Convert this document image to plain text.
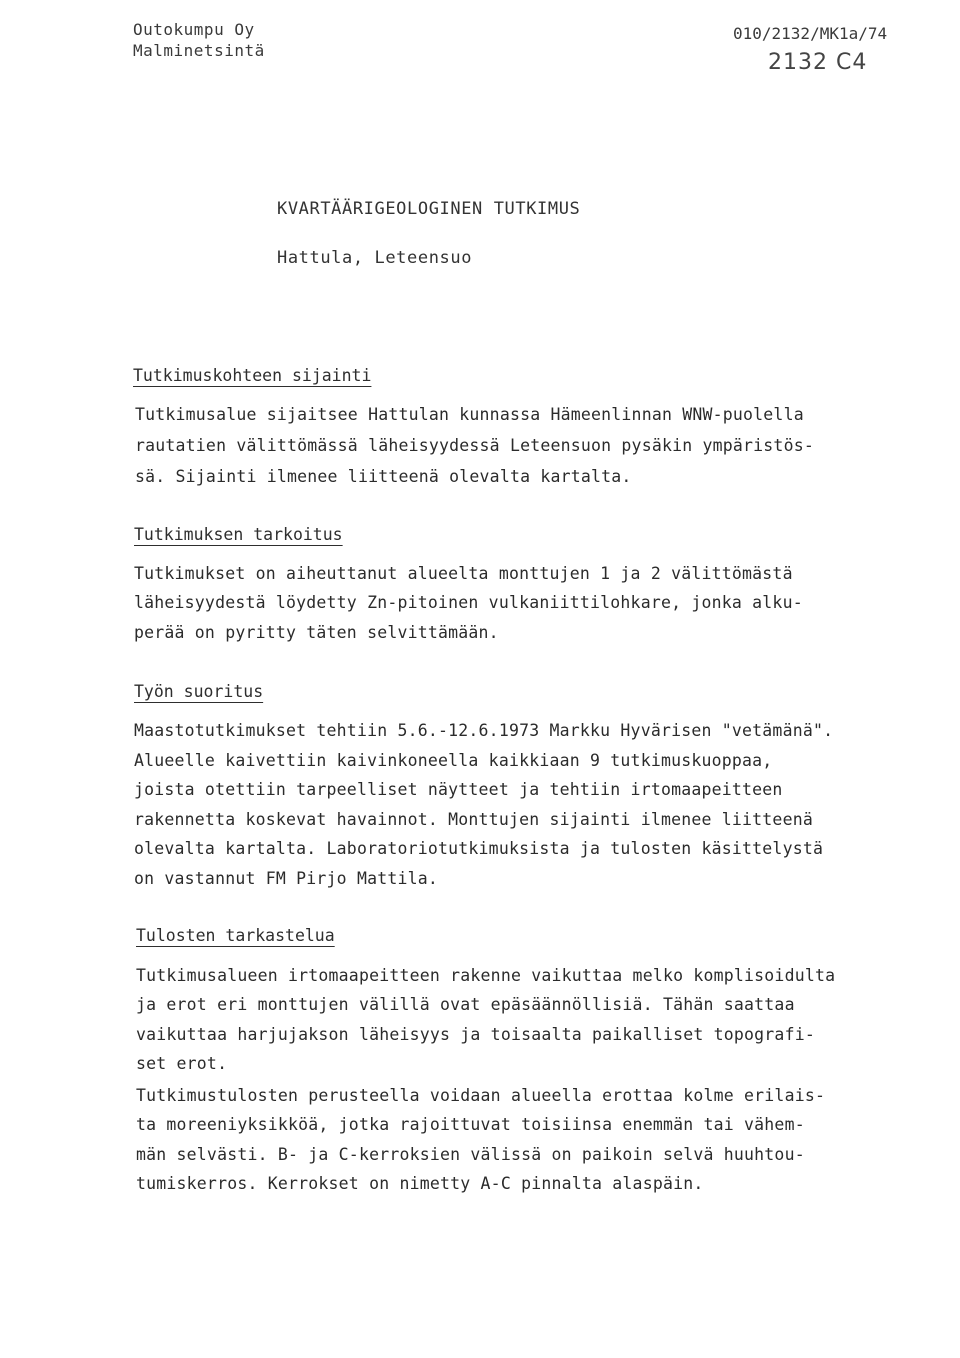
Outokumpu Oy
Malminetsintä
010/2132/MK1a/74
2132 C4
KVARTÄÄRIGEOLOGINEN TUTKIMUS
Hattula, Leteensuo
Tutkimuskohteen sijainti
Tutkimusalue sijaitsee Hattulan kunnassa Hämeenlinnan WNW-puolella
rautatien välittömässä läheisyydessä Leteensuon pysäkin ympäristös-
sä. Sijainti ilmenee liitteenä olevalta kartalta.
Tutkimuksen tarkoitus
Tutkimukset on aiheuttanut alueelta monttujen 1 ja 2 välittömästä
läheisyydestä löydetty Zn-pitoinen vulkaniittilohkare, jonka alku-
perää on pyritty täten selvittämään.
Työn suoritus
Maastotutkimukset tehtiin 5.6.-12.6.1973 Markku Hyvärisen "vetämänä".
Alueelle kaivettiin kaivinkoneella kaikkiaan 9 tutkimuskuoppaa,
joista otettiin tarpeelliset näytteet ja tehtiin irtomaapeitteen
rakennetta koskevat havainnot. Monttujen sijainti ilmenee liitteenä
olevalta kartalta. Laboratoriotutkimuksista ja tulosten käsittelystä
on vastannut FM Pirjo Mattila.
Tulosten tarkastelua
Tutkimusalueen irtomaapeitteen rakenne vaikuttaa melko komplisoidulta
ja erot eri monttujen välillä ovat epäsäännöllisiä. Tähän saattaa
vaikuttaa harjujakson läheisyys ja toisaalta paikalliset topografi-
set erot.
Tutkimustulosten perusteella voidaan alueella erottaa kolme erilais-
ta moreeniyksikköä, jotka rajoittuvat toisiinsa enemmän tai vähem-
män selvästi. B- ja C-kerroksien välissä on paikoin selvä huuhtou-
tumiskerros. Kerrokset on nimetty A-C pinnalta alaspäin.
